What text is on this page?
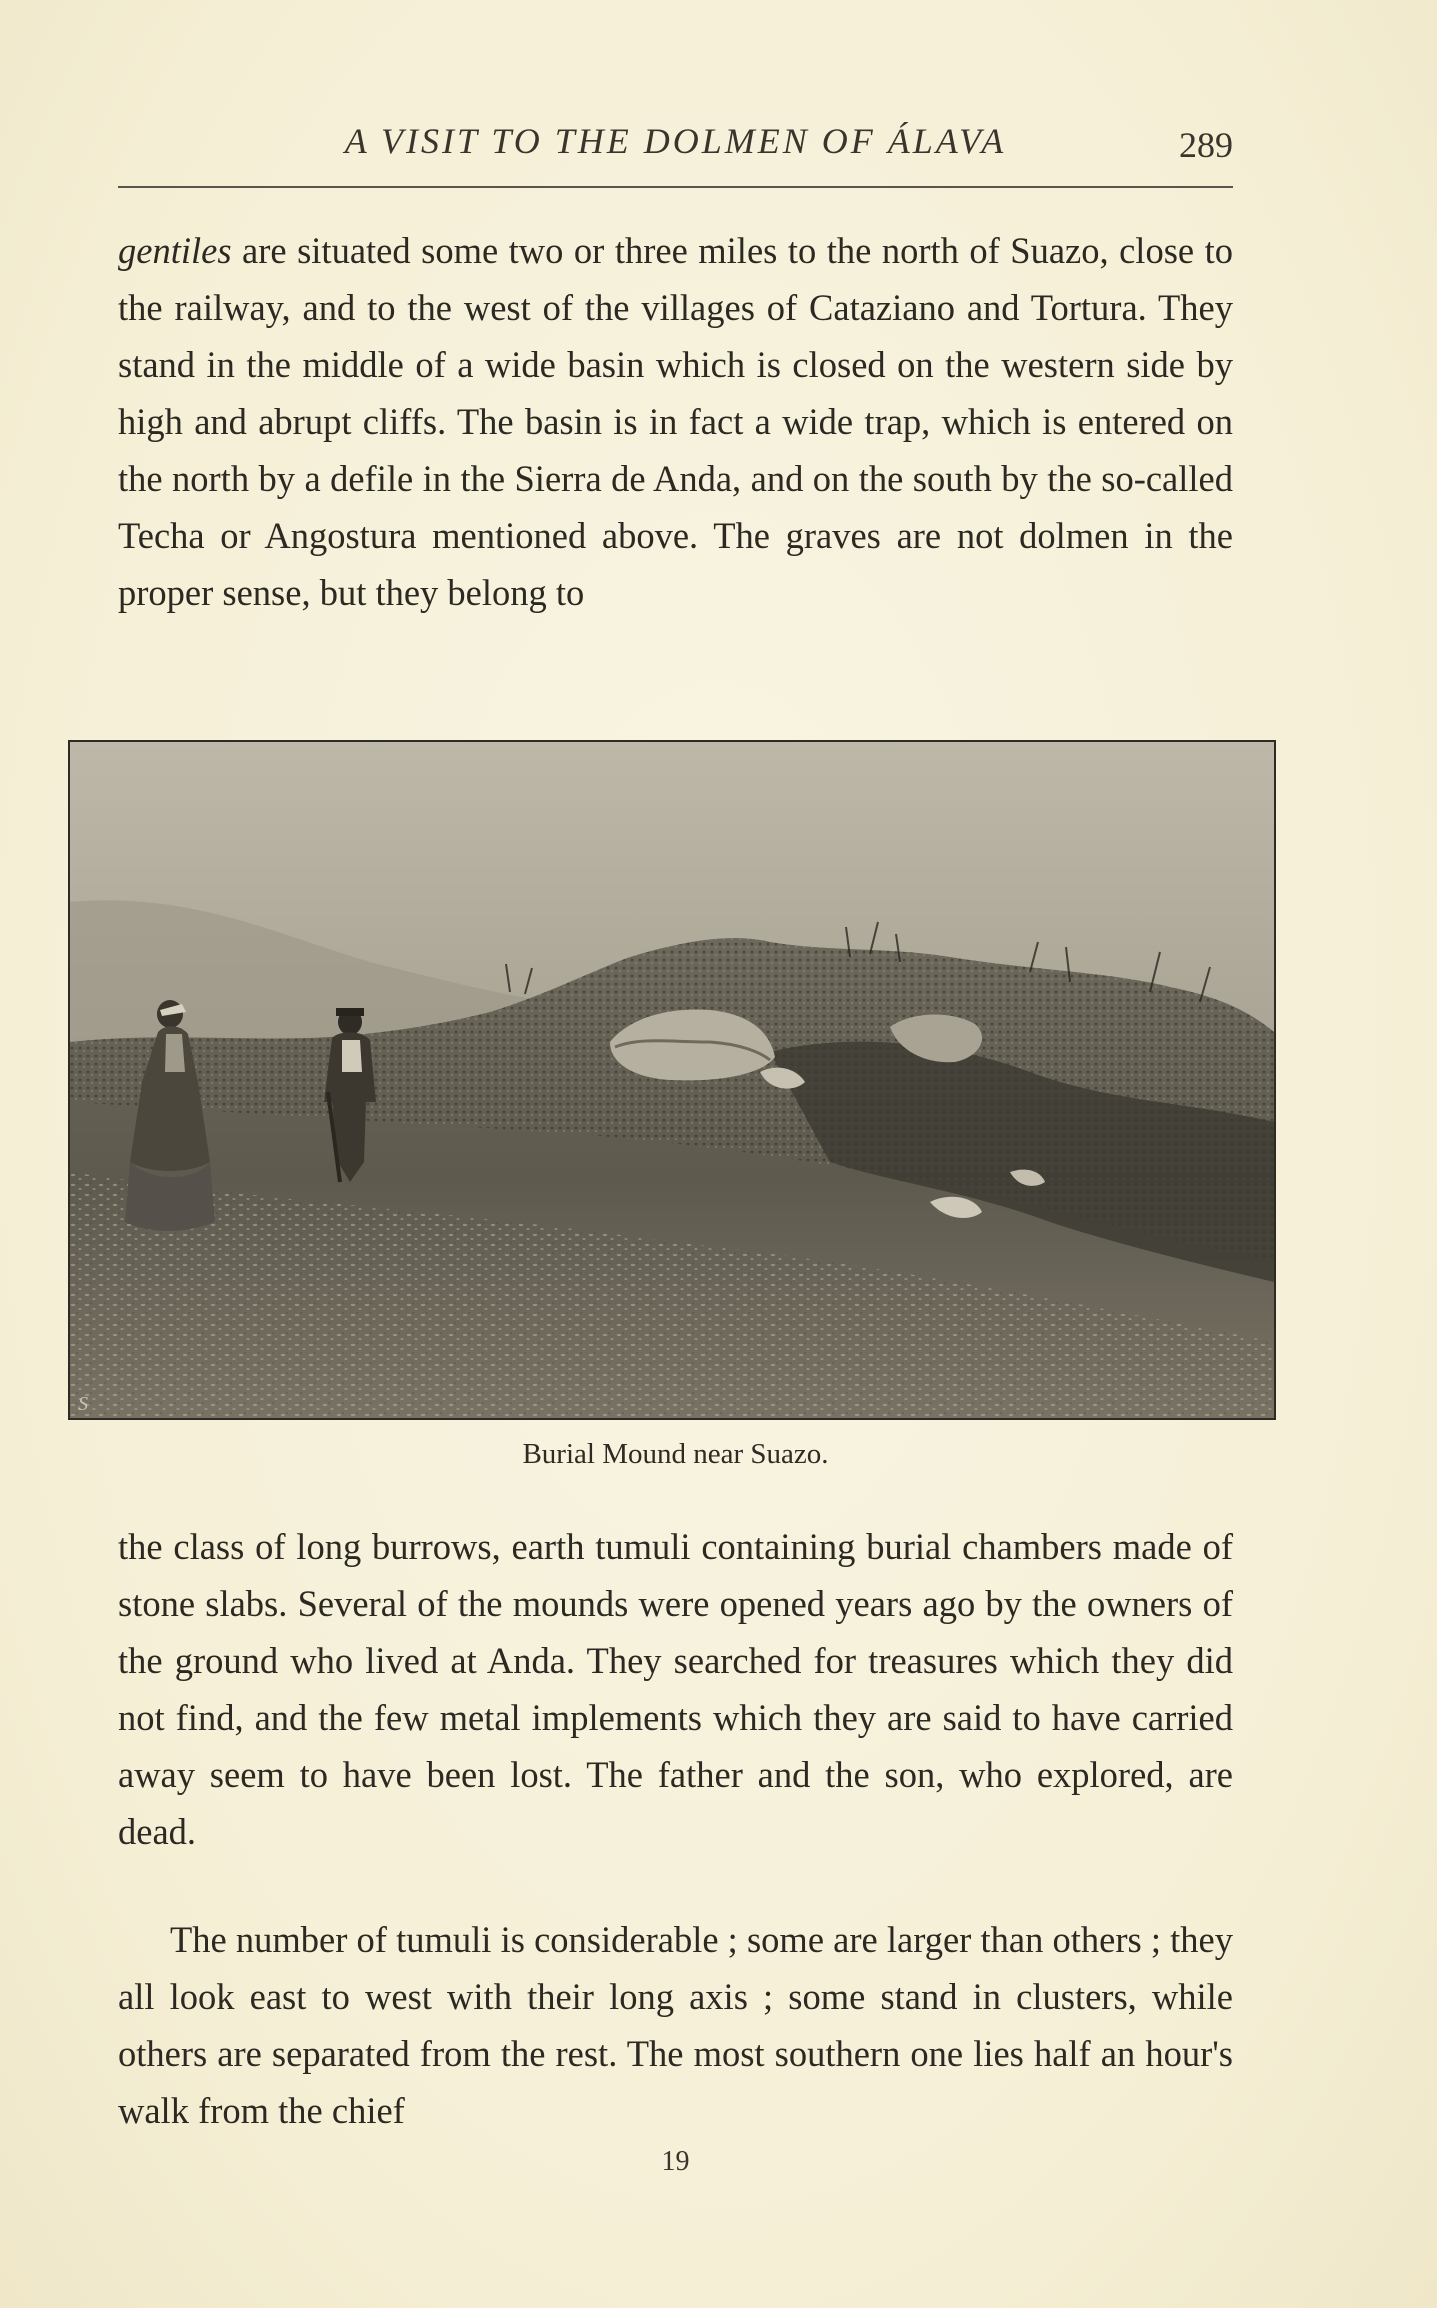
A VISIT TO THE DOLMEN OF ÁLAVA	289

gentiles are situated some two or three miles to the north of Suazo, close to the railway, and to the west of the villages of Cataziano and Tortura. They stand in the middle of a wide basin which is closed on the western side by high and abrupt cliffs. The basin is in fact a wide trap, which is entered on the north by a defile in the Sierra de Anda, and on the south by the so-called Techa or Angostura mentioned above. The graves are not dolmen in the proper sense, but they belong to

S
Burial Mound near Suazo.

the class of long burrows, earth tumuli containing burial chambers made of stone slabs. Several of the mounds were opened years ago by the owners of the ground who lived at Anda. They searched for treasures which they did not find, and the few metal implements which they are said to have carried away seem to have been lost. The father and the son, who explored, are dead.

The number of tumuli is considerable ; some are larger than others ; they all look east to west with their long axis ; some stand in clusters, while others are separated from the rest. The most southern one lies half an hour's walk from the chief

19
